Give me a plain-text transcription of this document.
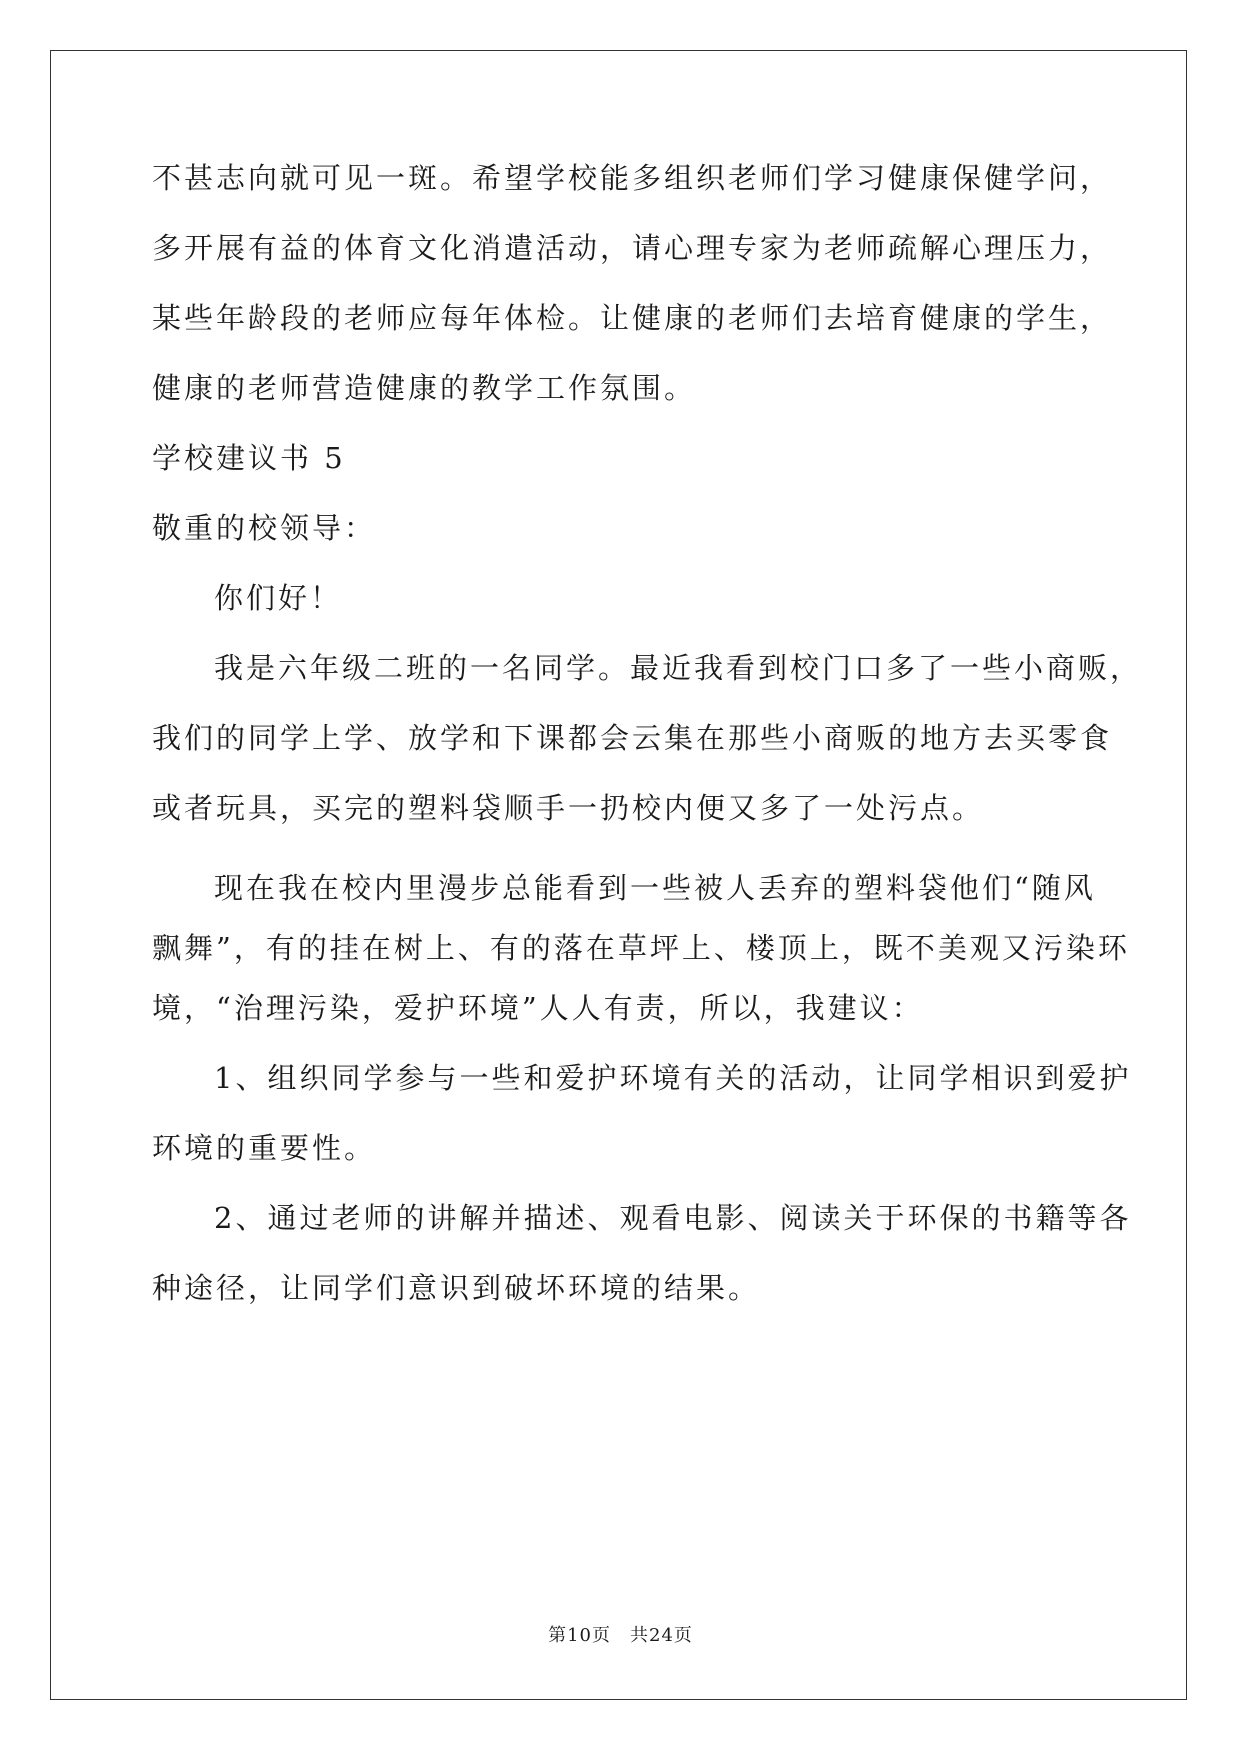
不甚志向就可见一斑。希望学校能多组织老师们学习健康保健学问，
多开展有益的体育文化消遣活动，请心理专家为老师疏解心理压力，
某些年龄段的老师应每年体检。让健康的老师们去培育健康的学生，
健康的老师营造健康的教学工作氛围。
学校建议书 5
敬重的校领导：
你们好！
我是六年级二班的一名同学。最近我看到校门口多了一些小商贩，
我们的同学上学、放学和下课都会云集在那些小商贩的地方去买零食
或者玩具，买完的塑料袋顺手一扔校内便又多了一处污点。
现在我在校内里漫步总能看到一些被人丢弃的塑料袋他们“随风
飘舞”，有的挂在树上、有的落在草坪上、楼顶上，既不美观又污染环
境，“治理污染，爱护环境”人人有责，所以，我建议：
1、组织同学参与一些和爱护环境有关的活动，让同学相识到爱护
环境的重要性。
2、通过老师的讲解并描述、观看电影、阅读关于环保的书籍等各
种途径，让同学们意识到破坏环境的结果。
第10页　共24页
